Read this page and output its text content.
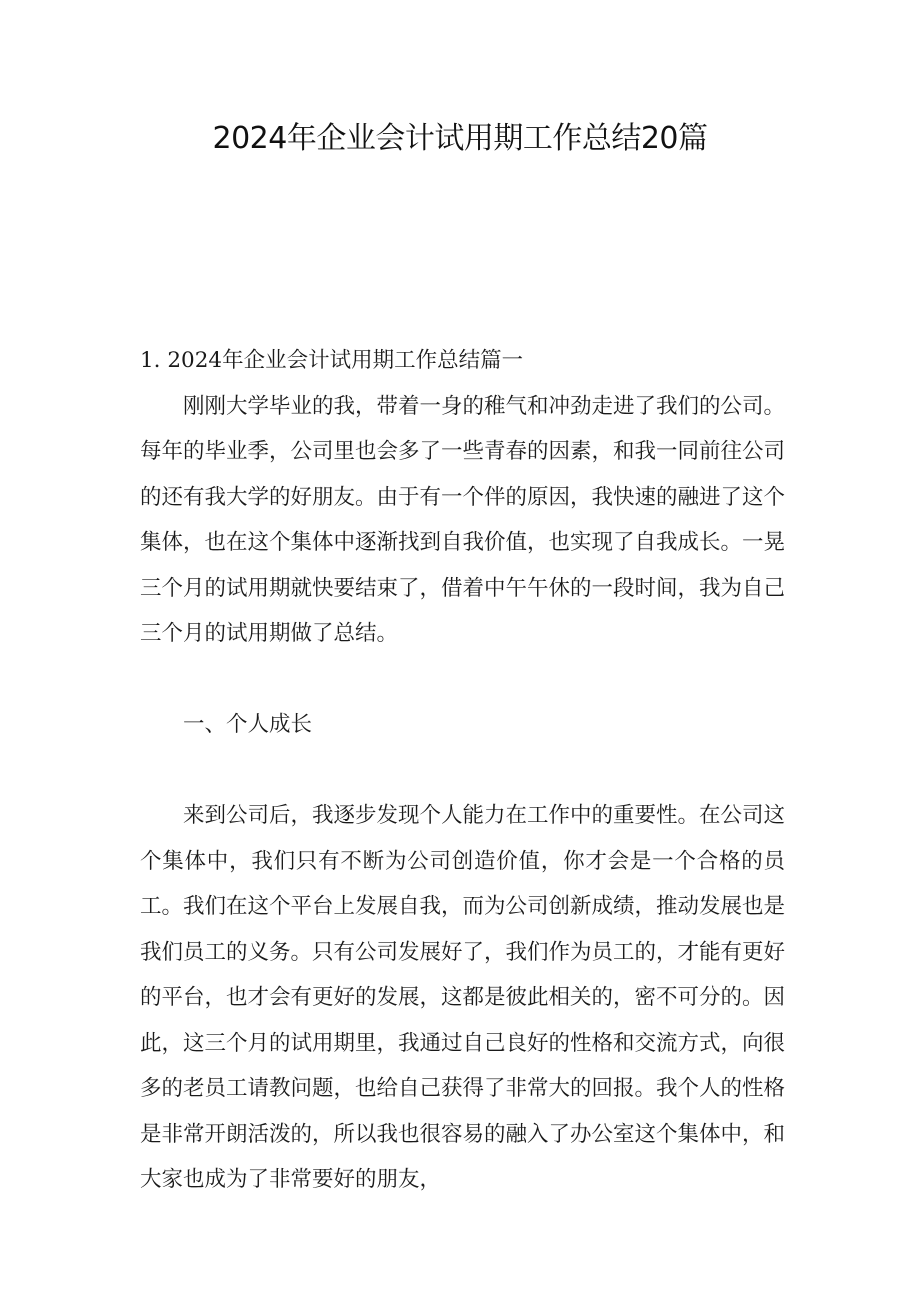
2024年企业会计试用期工作总结20篇
1. 2024年企业会计试用期工作总结篇一

刚刚大学毕业的我，带着一身的稚气和冲劲走进了我们的公司。每年的毕业季，公司里也会多了一些青春的因素，和我一同前往公司的还有我大学的好朋友。由于有一个伴的原因，我快速的融进了这个集体，也在这个集体中逐渐找到自我价值，也实现了自我成长。一晃三个月的试用期就快要结束了，借着中午午休的一段时间，我为自己三个月的试用期做了总结。

一、个人成长

来到公司后，我逐步发现个人能力在工作中的重要性。在公司这个集体中，我们只有不断为公司创造价值，你才会是一个合格的员工。我们在这个平台上发展自我，而为公司创新成绩，推动发展也是我们员工的义务。只有公司发展好了，我们作为员工的，才能有更好的平台，也才会有更好的发展，这都是彼此相关的，密不可分的。因此，这三个月的试用期里，我通过自己良好的性格和交流方式，向很多的老员工请教问题，也给自己获得了非常大的回报。我个人的性格是非常开朗活泼的，所以我也很容易的融入了办公室这个集体中，和大家也成为了非常要好的朋友，
